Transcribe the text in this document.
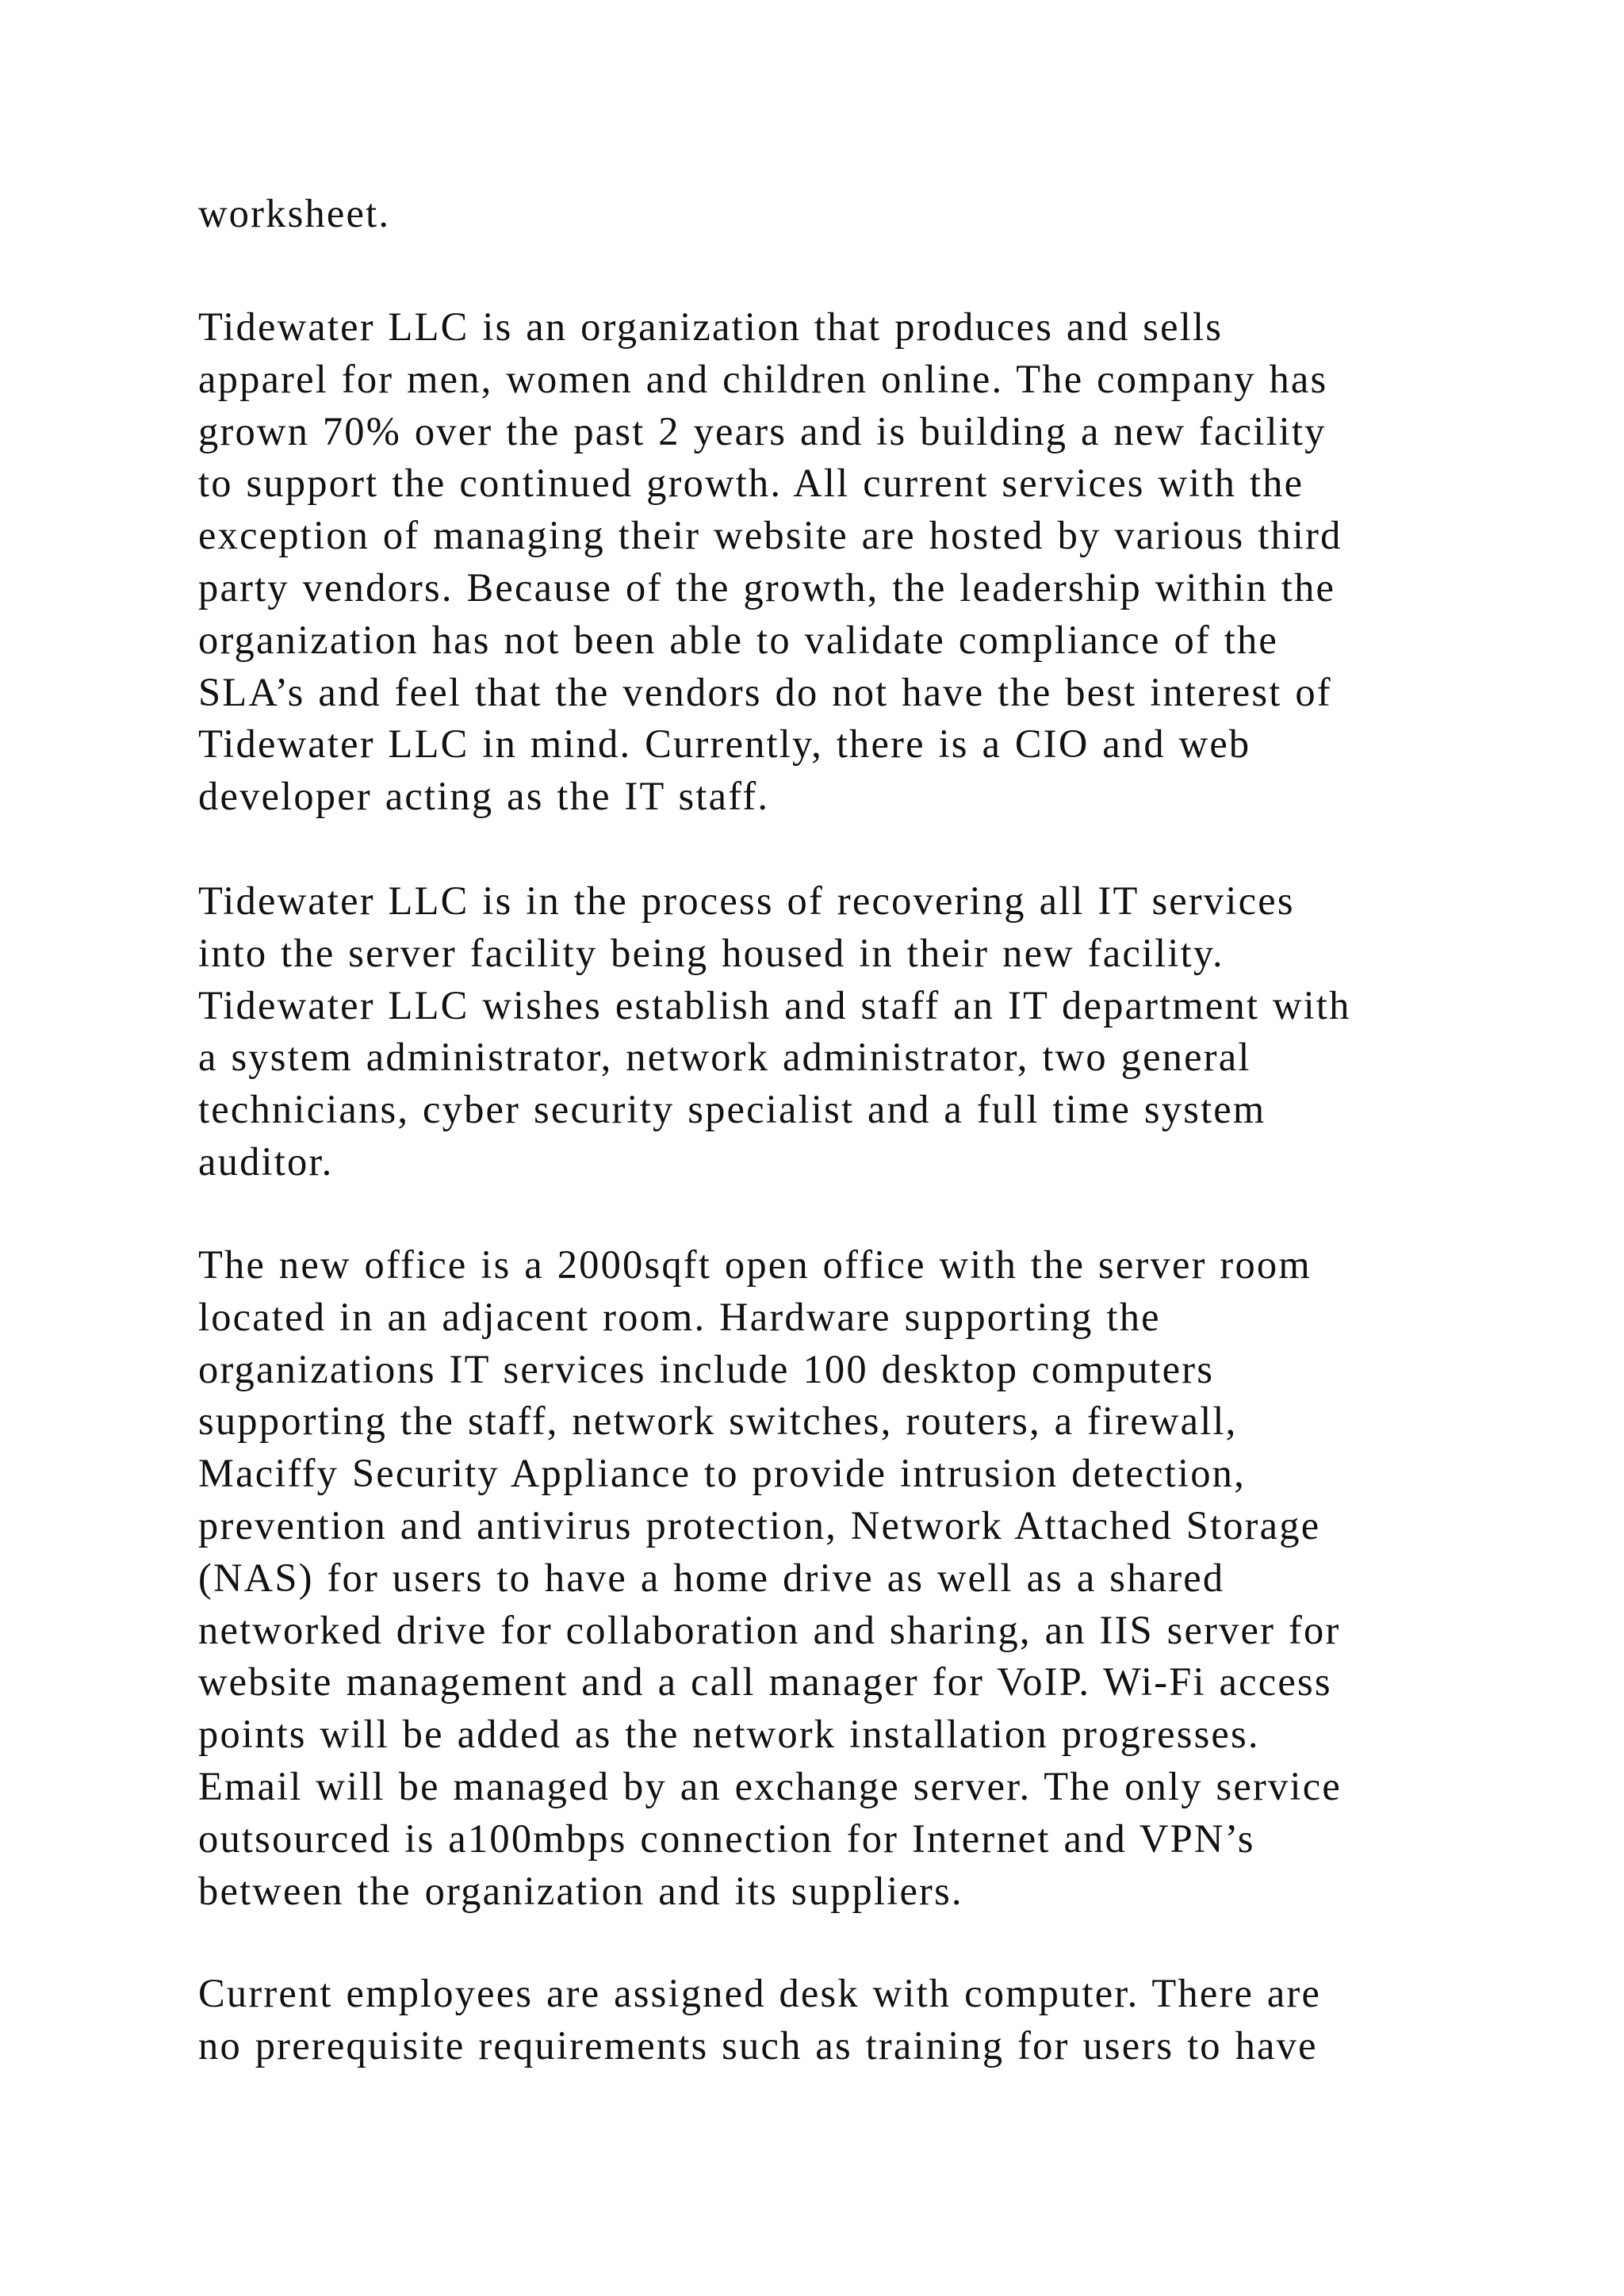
worksheet.
Tidewater LLC is an organization that produces and sells
apparel for men, women and children online. The company has
grown 70% over the past 2 years and is building a new facility
to support the continued growth. All current services with the
exception of managing their website are hosted by various third
party vendors. Because of the growth, the leadership within the
organization has not been able to validate compliance of the
SLA’s and feel that the vendors do not have the best interest of
Tidewater LLC in mind. Currently, there is a CIO and web
developer acting as the IT staff.
Tidewater LLC is in the process of recovering all IT services
into the server facility being housed in their new facility.
Tidewater LLC wishes establish and staff an IT department with
a system administrator, network administrator, two general
technicians, cyber security specialist and a full time system
auditor.
The new office is a 2000sqft open office with the server room
located in an adjacent room. Hardware supporting the
organizations IT services include 100 desktop computers
supporting the staff, network switches, routers, a firewall,
Maciffy Security Appliance to provide intrusion detection,
prevention and antivirus protection, Network Attached Storage
(NAS) for users to have a home drive as well as a shared
networked drive for collaboration and sharing, an IIS server for
website management and a call manager for VoIP. Wi-Fi access
points will be added as the network installation progresses.
Email will be managed by an exchange server. The only service
outsourced is a100mbps connection for Internet and VPN’s
between the organization and its suppliers.
Current employees are assigned desk with computer. There are
no prerequisite requirements such as training for users to have
